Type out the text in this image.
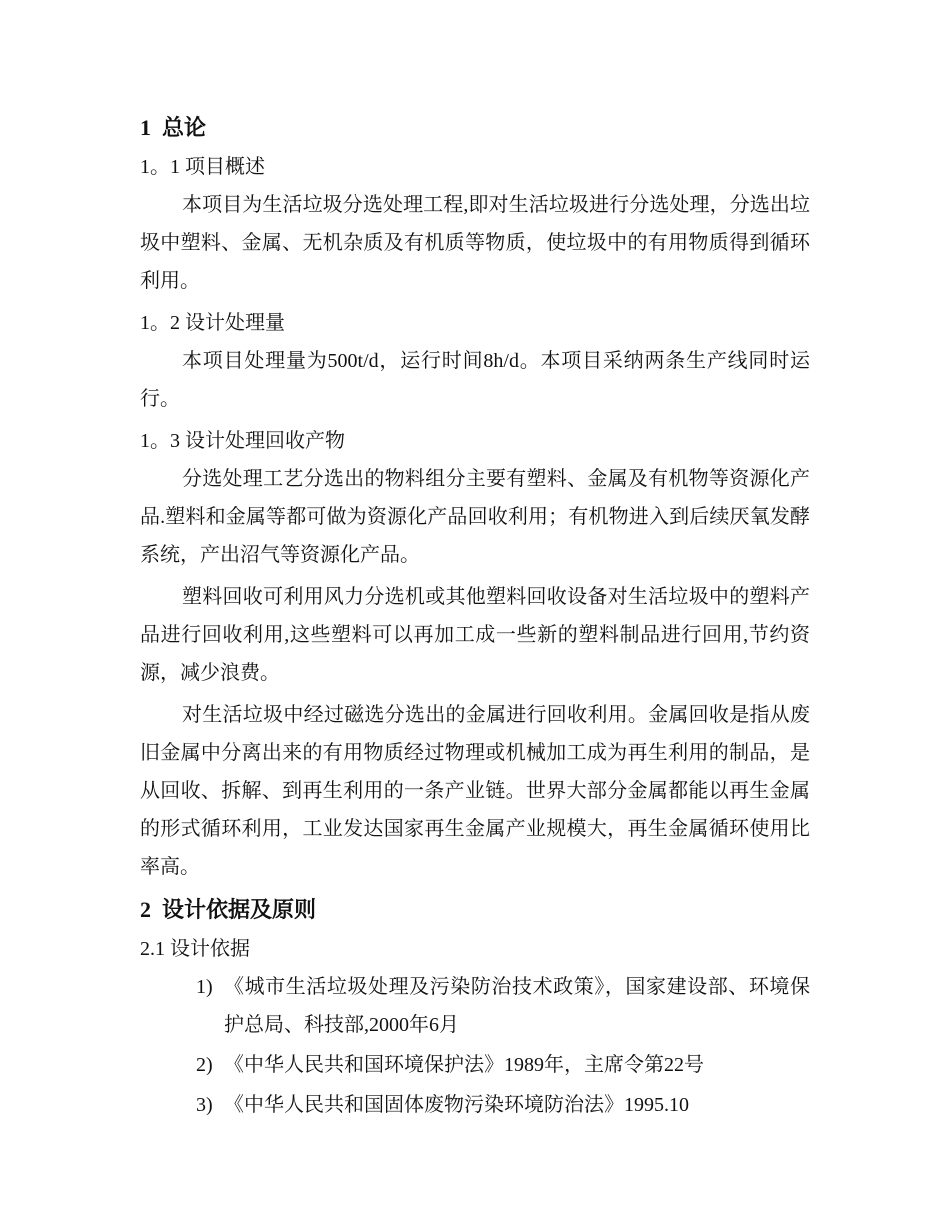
1  总论
1。1 项目概述

本项目为生活垃圾分选处理工程,即对生活垃圾进行分选处理，分选出垃圾中塑料、金属、无机杂质及有机质等物质，使垃圾中的有用物质得到循环利用。

1。2 设计处理量

本项目处理量为500t/d，运行时间8h/d。本项目采纳两条生产线同时运行。

1。3 设计处理回收产物

分选处理工艺分选出的物料组分主要有塑料、金属及有机物等资源化产品.塑料和金属等都可做为资源化产品回收利用；有机物进入到后续厌氧发酵系统，产出沼气等资源化产品。

塑料回收可利用风力分选机或其他塑料回收设备对生活垃圾中的塑料产品进行回收利用,这些塑料可以再加工成一些新的塑料制品进行回用,节约资源，减少浪费。

对生活垃圾中经过磁选分选出的金属进行回收利用。金属回收是指从废旧金属中分离出来的有用物质经过物理或机械加工成为再生利用的制品，是从回收、拆解、到再生利用的一条产业链。世界大部分金属都能以再生金属的形式循环利用，工业发达国家再生金属产业规模大，再生金属循环使用比率高。

2  设计依据及原则
2.1 设计依据
1) 《城市生活垃圾处理及污染防治技术政策》，国家建设部、环境保护总局、科技部,2000年6月
2) 《中华人民共和国环境保护法》1989年，主席令第22号
3) 《中华人民共和国固体废物污染环境防治法》1995.10
